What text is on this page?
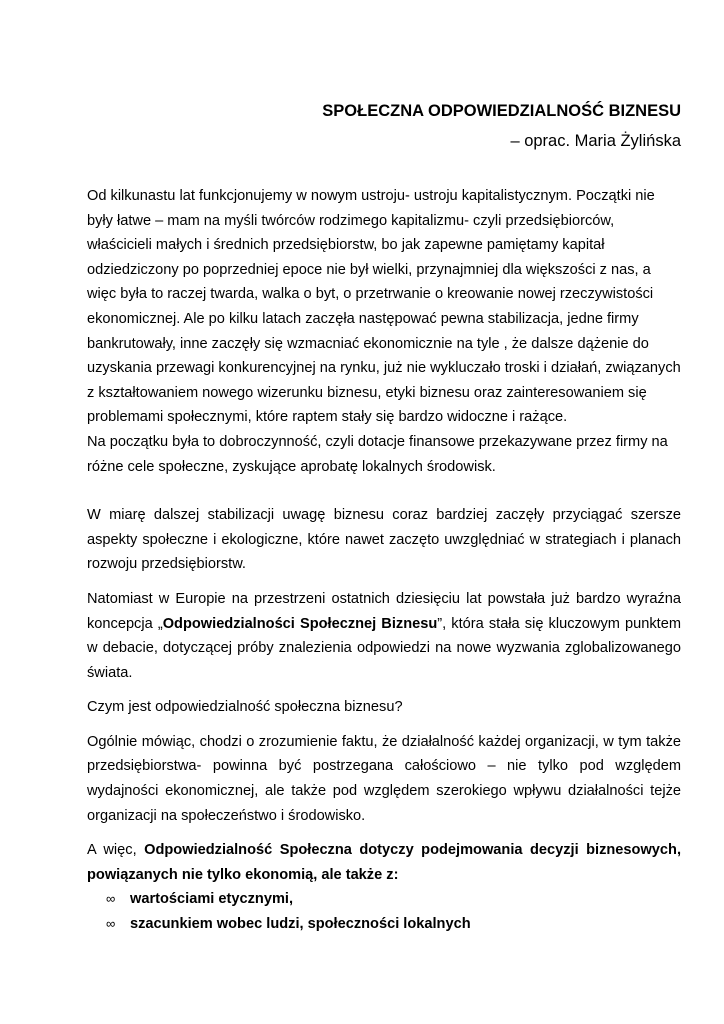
SPOŁECZNA ODPOWIEDZIALNOŚĆ BIZNESU
– oprac. Maria Żylińska
Od kilkunastu lat funkcjonujemy w nowym ustroju- ustroju kapitalistycznym. Początki nie
były łatwe – mam na myśli twórców rodzimego kapitalizmu- czyli przedsiębiorców,
właścicieli małych i średnich przedsiębiorstw, bo jak zapewne pamiętamy kapitał
odziedziczony po poprzedniej epoce nie był wielki, przynajmniej dla większości z nas, a
więc była to raczej twarda, walka o byt, o przetrwanie o kreowanie nowej rzeczywistości
ekonomicznej. Ale po kilku latach zaczęła następować pewna stabilizacja, jedne firmy
bankrutowały, inne zaczęły się wzmacniać ekonomicznie na tyle , że dalsze dążenie do
uzyskania przewagi konkurencyjnej na rynku, już nie wykluczało troski i działań, związanych
z kształtowaniem nowego wizerunku biznesu, etyki biznesu oraz zainteresowaniem się
problemami społecznymi, które raptem stały się bardzo widoczne i rażące.
Na początku była to dobroczynność, czyli dotacje finansowe przekazywane przez firmy na
różne cele społeczne, zyskujące aprobatę lokalnych środowisk.
W miarę dalszej stabilizacji uwagę biznesu coraz bardziej zaczęły przyciągać szersze
aspekty społeczne i ekologiczne, które nawet zaczęto uwzględniać w strategiach i planach
rozwoju przedsiębiorstw.
Natomiast w Europie na przestrzeni ostatnich dziesięciu lat powstała już bardzo wyraźna
koncepcja „Odpowiedzialności Społecznej Biznesu”, która stała się kluczowym punktem
w debacie, dotyczącej próby znalezienia odpowiedzi na nowe wyzwania zglobalizowanego
świata.
Czym jest odpowiedzialność społeczna biznesu?
Ogólnie mówiąc, chodzi o zrozumienie faktu, że działalność każdej organizacji, w tym także
przedsiębiorstwa- powinna być postrzegana całościowo – nie tylko pod względem
wydajności ekonomicznej, ale także pod względem szerokiego wpływu działalności tejże
organizacji na społeczeństwo i środowisko.
A więc, Odpowiedzialność Społeczna dotyczy podejmowania decyzji biznesowych,
powiązanych nie tylko ekonomią, ale także z:
∞	wartościami etycznymi,
∞	szacunkiem wobec ludzi, społeczności lokalnych
